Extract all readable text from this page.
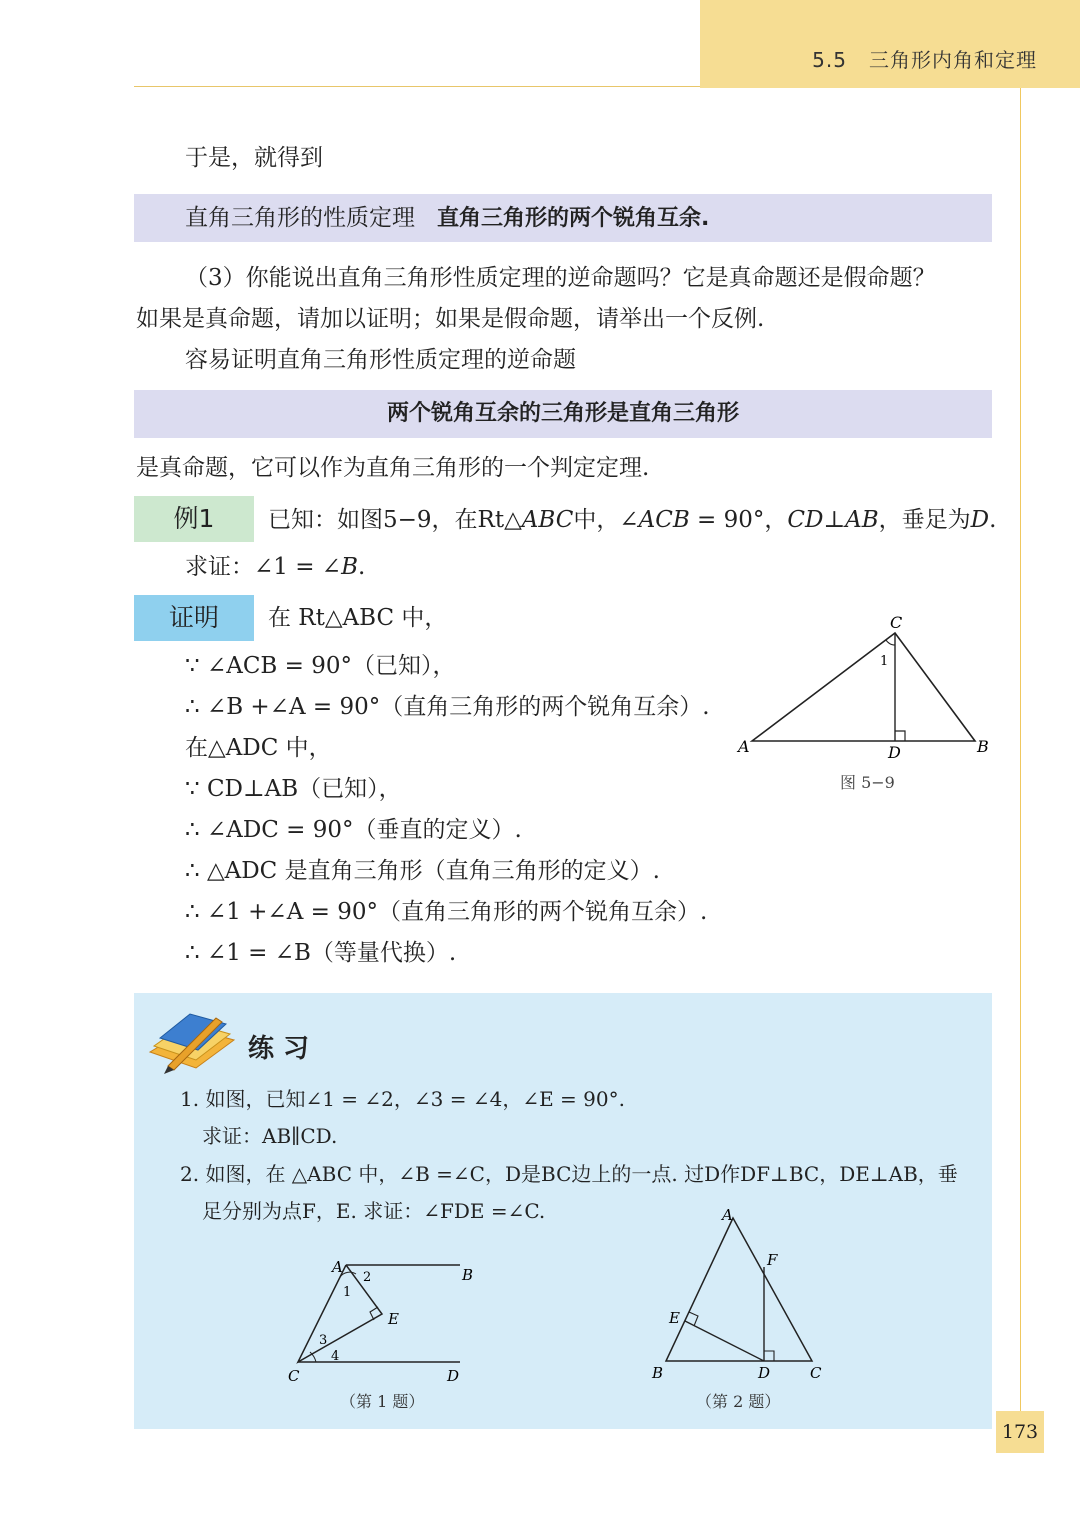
5.5 三角形内角和定理
于是，就得到
直角三角形的性质定理 直角三角形的两个锐角互余.
（3）你能说出直角三角形性质定理的逆命题吗？它是真命题还是假命题？
如果是真命题，请加以证明；如果是假命题，请举出一个反例.
容易证明直角三角形性质定理的逆命题
两个锐角互余的三角形是直角三角形
是真命题，它可以作为直角三角形的一个判定定理.
例1	已知：如图5−9，在Rt△ABC中，∠ACB = 90°，CD⊥AB，垂足为D.
求证：∠1 = ∠B.
证明	在 Rt△ABC 中，
∵ ∠ACB = 90°（已知），
∴ ∠B +∠A = 90°（直角三角形的两个锐角互余）.
在△ADC 中，
∵ CD⊥AB（已知），
∴ ∠ADC = 90°（垂直的定义）.
∴ △ADC 是直角三角形（直角三角形的定义）.
∴ ∠1 +∠A = 90°（直角三角形的两个锐角互余）.
∴ ∠1 = ∠B（等量代换）.
A
C
B
D
1
图 5−9
练 习
1. 如图，已知∠1 = ∠2，∠3 = ∠4，∠E = 90°.
求证：AB∥CD.
2. 如图，在 △ABC 中，∠B =∠C，D是BC边上的一点. 过D作DF⊥BC，DE⊥AB，垂
足分别为点F，E. 求证：∠FDE =∠C.
A	B
C	D
E
1
2
3
4
（第 1 题）
A
B	C
D
E
F
（第 2 题）
173
